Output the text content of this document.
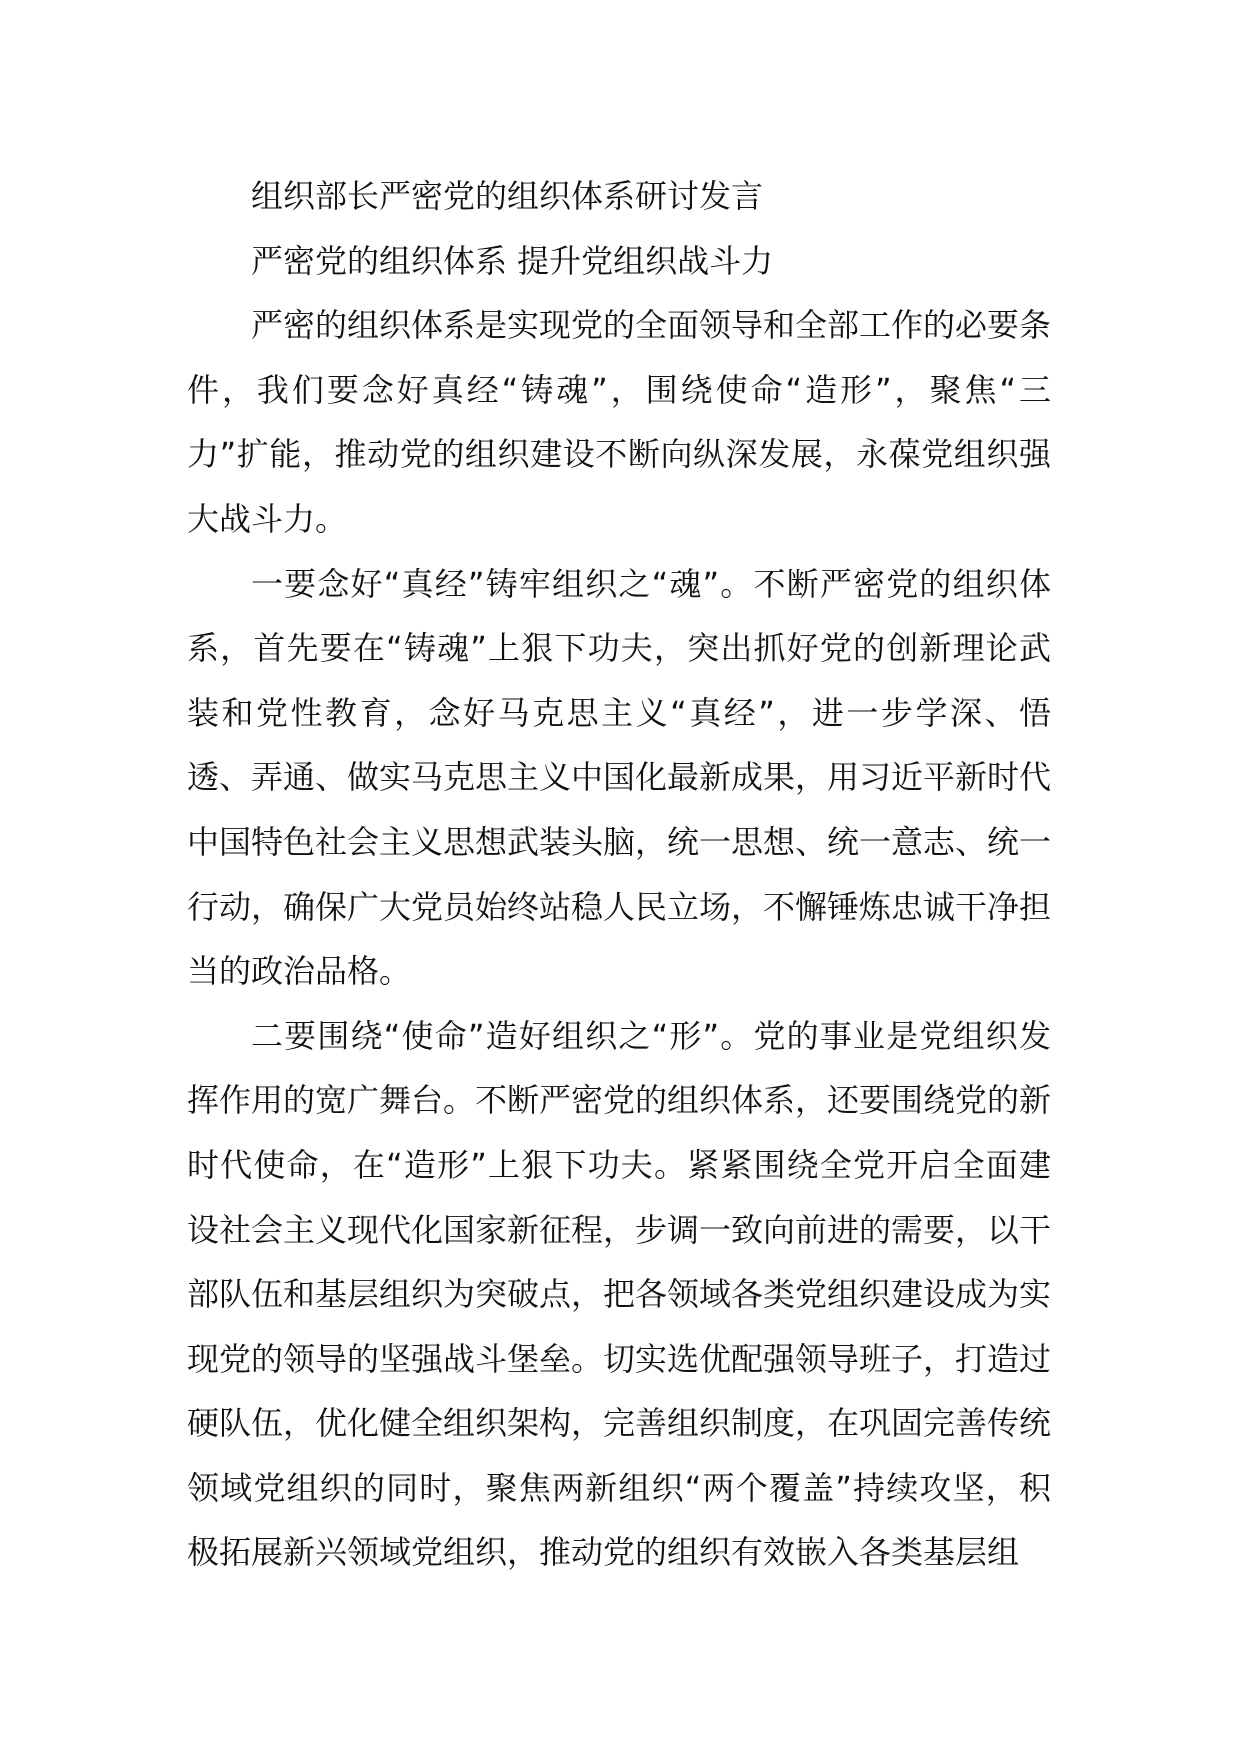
组织部长严密党的组织体系研讨发言

严密党的组织体系 提升党组织战斗力

严密的组织体系是实现党的全面领导和全部工作的必要条件，我们要念好真经“铸魂”，围绕使命“造形”，聚焦“三力”扩能，推动党的组织建设不断向纵深发展，永葆党组织强大战斗力。

一要念好“真经”铸牢组织之“魂”。不断严密党的组织体系，首先要在“铸魂”上狠下功夫，突出抓好党的创新理论武装和党性教育，念好马克思主义“真经”，进一步学深、悟透、弄通、做实马克思主义中国化最新成果，用习近平新时代中国特色社会主义思想武装头脑，统一思想、统一意志、统一行动，确保广大党员始终站稳人民立场，不懈锤炼忠诚干净担当的政治品格。

二要围绕“使命”造好组织之“形”。党的事业是党组织发挥作用的宽广舞台。不断严密党的组织体系，还要围绕党的新时代使命，在“造形”上狠下功夫。紧紧围绕全党开启全面建设社会主义现代化国家新征程，步调一致向前进的需要，以干部队伍和基层组织为突破点，把各领域各类党组织建设成为实现党的领导的坚强战斗堡垒。切实选优配强领导班子，打造过硬队伍，优化健全组织架构，完善组织制度，在巩固完善传统领域党组织的同时，聚焦两新组织“两个覆盖”持续攻坚，积极拓展新兴领域党组织，推动党的组织有效嵌入各类基层组
